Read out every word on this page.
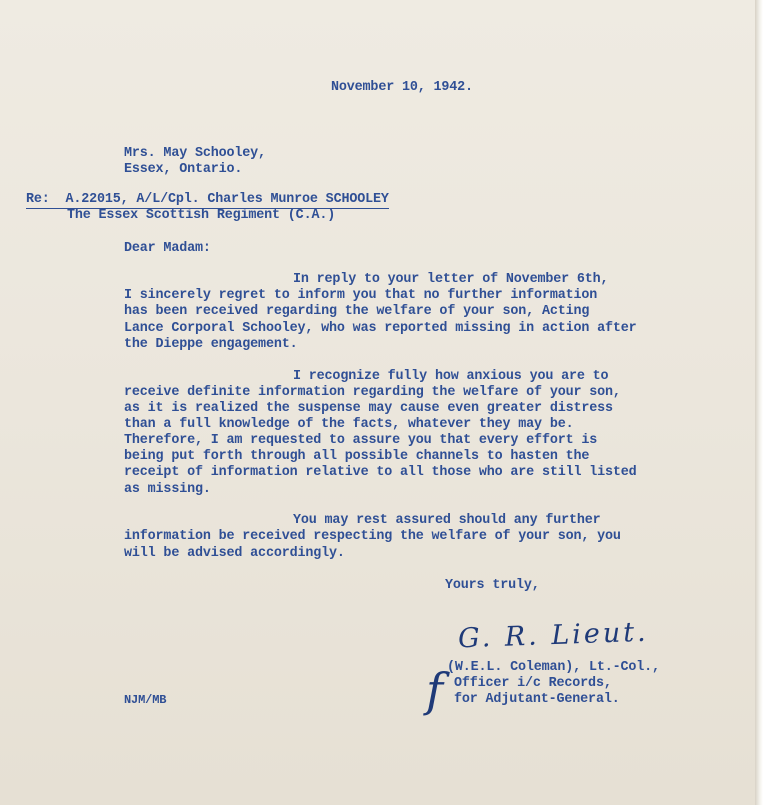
November 10, 1942.
Mrs. May Schooley,
Essex, Ontario.
Re: A.22015, A/L/Cpl. Charles Munroe SCHOOLEY
The Essex Scottish Regiment (C.A.)
Dear Madam:
In reply to your letter of November 6th,
I sincerely regret to inform you that no further information
has been received regarding the welfare of your son, Acting
Lance Corporal Schooley, who was reported missing in action after
the Dieppe engagement.
I recognize fully how anxious you are to
receive definite information regarding the welfare of your son,
as it is realized the suspense may cause even greater distress
than a full knowledge of the facts, whatever they may be.
Therefore, I am requested to assure you that every effort is
being put forth through all possible channels to hasten the
receipt of information relative to all those who are still listed
as missing.
You may rest assured should any further
information be received respecting the welfare of your son, you
will be advised accordingly.
Yours truly,
G. R. Lieut.
f (W.E.L. Coleman), Lt.-Col.,
Officer i/c Records,
for Adjutant-General.
NJM/MB
